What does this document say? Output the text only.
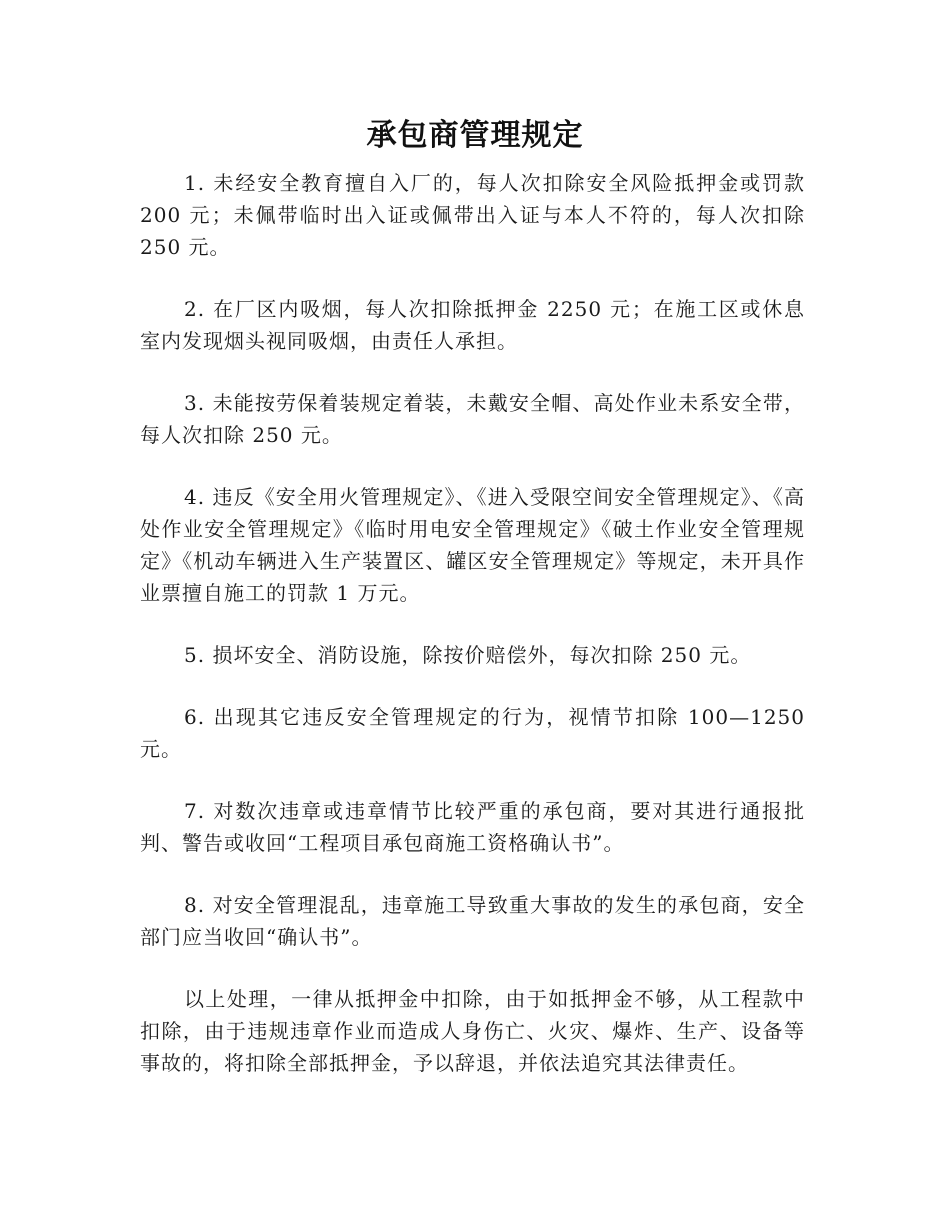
承包商管理规定

1. 未经安全教育擅自入厂的，每人次扣除安全风险抵押金或罚款 200 元；未佩带临时出入证或佩带出入证与本人不符的，每人次扣除 250 元。

2. 在厂区内吸烟，每人次扣除抵押金 2250 元；在施工区或休息室内发现烟头视同吸烟，由责任人承担。

3. 未能按劳保着装规定着装，未戴安全帽、高处作业未系安全带，每人次扣除 250 元。

4. 违反《安全用火管理规定》、《进入受限空间安全管理规定》、《高处作业安全管理规定》《临时用电安全管理规定》《破土作业安全管理规定》《机动车辆进入生产装置区、罐区安全管理规定》等规定，未开具作业票擅自施工的罚款 1 万元。

5. 损坏安全、消防设施，除按价赔偿外，每次扣除 250 元。

6. 出现其它违反安全管理规定的行为，视情节扣除 100—1250 元。

7. 对数次违章或违章情节比较严重的承包商，要对其进行通报批判、警告或收回“工程项目承包商施工资格确认书”。

8. 对安全管理混乱，违章施工导致重大事故的发生的承包商，安全部门应当收回“确认书”。

以上处理，一律从抵押金中扣除，由于如抵押金不够，从工程款中扣除，由于违规违章作业而造成人身伤亡、火灾、爆炸、生产、设备等事故的，将扣除全部抵押金，予以辞退，并依法追究其法律责任。
